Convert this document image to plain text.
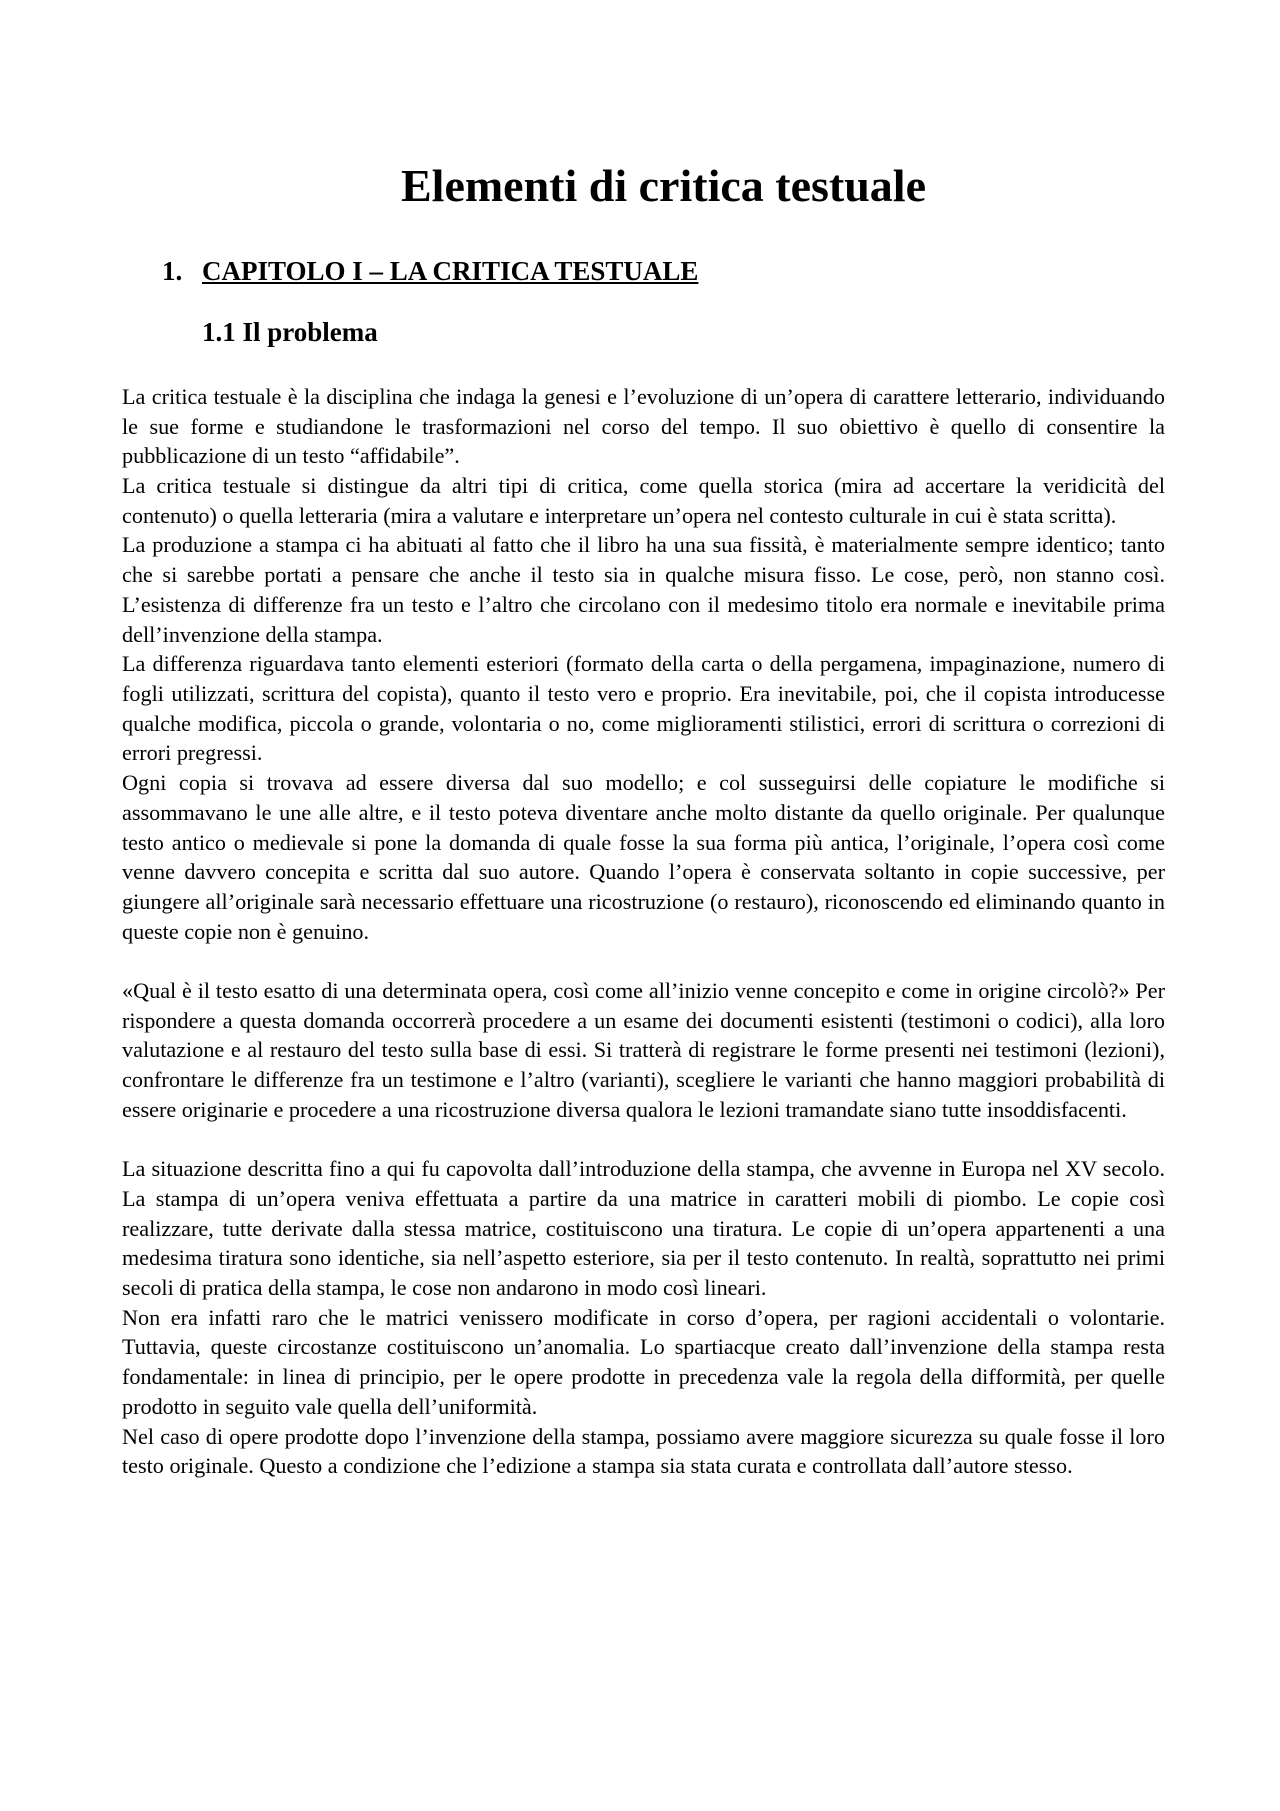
Elementi di critica testuale
1. CAPITOLO I – LA CRITICA TESTUALE
1.1 Il problema

La critica testuale è la disciplina che indaga la genesi e l’evoluzione di un’opera di carattere letterario, individuando le sue forme e studiandone le trasformazioni nel corso del tempo. Il suo obiettivo è quello di consentire la pubblicazione di un testo “affidabile”.

La critica testuale si distingue da altri tipi di critica, come quella storica (mira ad accertare la veridicità del contenuto) o quella letteraria (mira a valutare e interpretare un’opera nel contesto culturale in cui è stata scritta).

La produzione a stampa ci ha abituati al fatto che il libro ha una sua fissità, è materialmente sempre identico; tanto che si sarebbe portati a pensare che anche il testo sia in qualche misura fisso. Le cose, però, non stanno così. L’esistenza di differenze fra un testo e l’altro che circolano con il medesimo titolo era normale e inevitabile prima dell’invenzione della stampa.

La differenza riguardava tanto elementi esteriori (formato della carta o della pergamena, impaginazione, numero di fogli utilizzati, scrittura del copista), quanto il testo vero e proprio. Era inevitabile, poi, che il copista introducesse qualche modifica, piccola o grande, volontaria o no, come miglioramenti stilistici, errori di scrittura o correzioni di errori pregressi.

Ogni copia si trovava ad essere diversa dal suo modello; e col susseguirsi delle copiature le modifiche si assommavano le une alle altre, e il testo poteva diventare anche molto distante da quello originale. Per qualunque testo antico o medievale si pone la domanda di quale fosse la sua forma più antica, l’originale, l’opera così come venne davvero concepita e scritta dal suo autore. Quando l’opera è conservata soltanto in copie successive, per giungere all’originale sarà necessario effettuare una ricostruzione (o restauro), riconoscendo ed eliminando quanto in queste copie non è genuino.

«Qual è il testo esatto di una determinata opera, così come all’inizio venne concepito e come in origine circolò?» Per rispondere a questa domanda occorrerà procedere a un esame dei documenti esistenti (testimoni o codici), alla loro valutazione e al restauro del testo sulla base di essi. Si tratterà di registrare le forme presenti nei testimoni (lezioni), confrontare le differenze fra un testimone e l’altro (varianti), scegliere le varianti che hanno maggiori probabilità di essere originarie e procedere a una ricostruzione diversa qualora le lezioni tramandate siano tutte insoddisfacenti.

La situazione descritta fino a qui fu capovolta dall’introduzione della stampa, che avvenne in Europa nel XV secolo. La stampa di un’opera veniva effettuata a partire da una matrice in caratteri mobili di piombo. Le copie così realizzare, tutte derivate dalla stessa matrice, costituiscono una tiratura. Le copie di un’opera appartenenti a una medesima tiratura sono identiche, sia nell’aspetto esteriore, sia per il testo contenuto. In realtà, soprattutto nei primi secoli di pratica della stampa, le cose non andarono in modo così lineari.

Non era infatti raro che le matrici venissero modificate in corso d’opera, per ragioni accidentali o volontarie. Tuttavia, queste circostanze costituiscono un’anomalia. Lo spartiacque creato dall’invenzione della stampa resta fondamentale: in linea di principio, per le opere prodotte in precedenza vale la regola della difformità, per quelle prodotto in seguito vale quella dell’uniformità.

Nel caso di opere prodotte dopo l’invenzione della stampa, possiamo avere maggiore sicurezza su quale fosse il loro testo originale. Questo a condizione che l’edizione a stampa sia stata curata e controllata dall’autore stesso.
